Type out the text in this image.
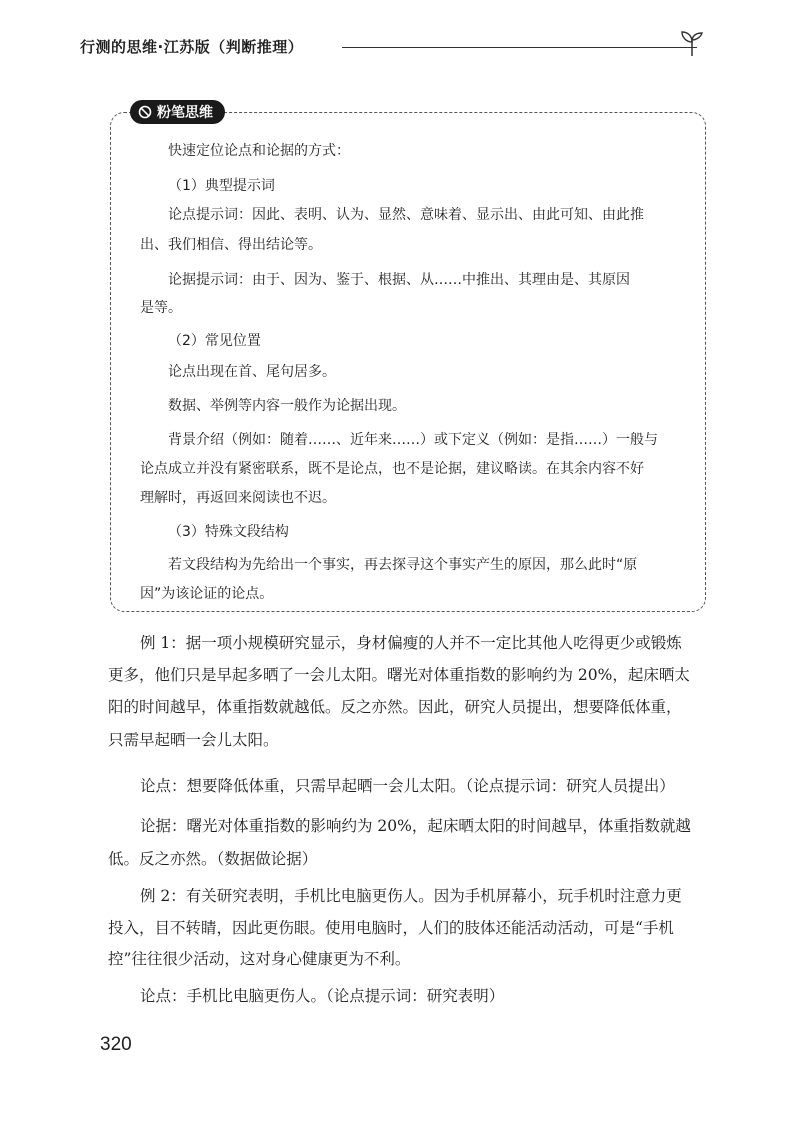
行测的思维·江苏版（判断推理）
粉笔思维
快速定位论点和论据的方式：
（1）典型提示词
论点提示词：因此、表明、认为、显然、意味着、显示出、由此可知、由此推
出、我们相信、得出结论等。
论据提示词：由于、因为、鉴于、根据、从……中推出、其理由是、其原因
是等。
（2）常见位置
论点出现在首、尾句居多。
数据、举例等内容一般作为论据出现。
背景介绍（例如：随着……、近年来……）或下定义（例如：是指……）一般与
论点成立并没有紧密联系，既不是论点，也不是论据，建议略读。在其余内容不好
理解时，再返回来阅读也不迟。
（3）特殊文段结构
若文段结构为先给出一个事实，再去探寻这个事实产生的原因，那么此时“原
因”为该论证的论点。
例 1：据一项小规模研究显示，身材偏瘦的人并不一定比其他人吃得更少或锻炼
更多，他们只是早起多晒了一会儿太阳。曙光对体重指数的影响约为 20%，起床晒太
阳的时间越早，体重指数就越低。反之亦然。因此，研究人员提出，想要降低体重，
只需早起晒一会儿太阳。
论点：想要降低体重，只需早起晒一会儿太阳。（论点提示词：研究人员提出）
论据：曙光对体重指数的影响约为 20%，起床晒太阳的时间越早，体重指数就越
低。反之亦然。（数据做论据）
例 2：有关研究表明，手机比电脑更伤人。因为手机屏幕小，玩手机时注意力更
投入，目不转睛，因此更伤眼。使用电脑时，人们的肢体还能活动活动，可是“手机
控”往往很少活动，这对身心健康更为不利。
论点：手机比电脑更伤人。（论点提示词：研究表明）
320
